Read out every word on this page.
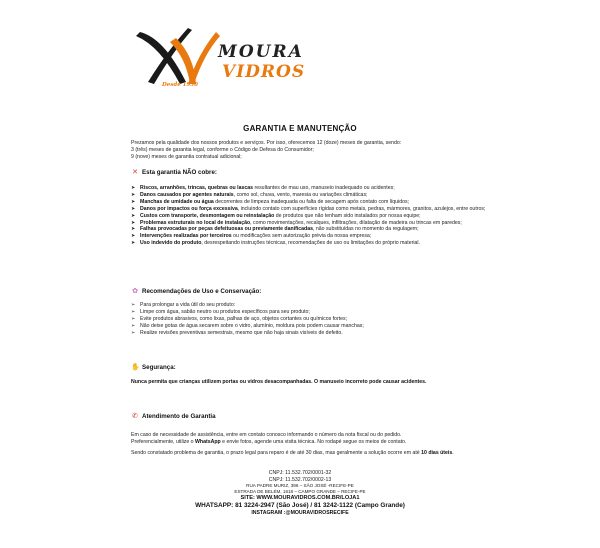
MOURA
VIDROS
Desde 1950
GARANTIA E MANUTENÇÃO

Prezamos pela qualidade dos nossos produtos e serviços. Por isso, oferecemos 12 (doze) meses de garantia, sendo:

3 (três) meses de garantia legal, conforme o Código de Defesa do Consumidor;

9 (nove) meses de garantia contratual adicional;

✕ Esta garantia NÃO cobre:
➤ Riscos, arranhões, trincas, quebras ou lascas resultantes de mau uso, manuseio inadequado ou acidentes;
➤ Danos causados por agentes naturais, como sol, chuva, vento, maresia ou variações climáticas;
➤ Manchas de umidade ou água decorrentes de limpeza inadequada ou falta de secagem após contato com líquidos;
➤ Danos por impactos ou força excessiva, incluindo contato com superfícies rígidas como metais, pedras, mármores, granitos, azulejos, entre outros;
➤ Custos com transporte, desmontagem ou reinstalação de produtos que não tenham sido instalados por nossa equipe;
➤ Problemas estruturais no local de instalação, como movimentações, recalques, infiltrações, dilatação de madeira ou trincas em paredes;
➤ Falhas provocadas por peças defeituosas ou previamente danificadas, não substituídas no momento da regulagem;
➤ Intervenções realizadas por terceiros ou modificações sem autorização prévia da nossa empresa;
➤ Uso indevido do produto, desrespeitando instruções técnicas, recomendações de uso ou limitações do próprio material.
✿ Recomendações de Uso e Conservação:
➢ Para prolongar a vida útil do seu produto:
➢ Limpe com água, sabão neutro ou produtos específicos para seu produto;
➢ Evite produtos abrasivos, como lixas, palhas de aço, objetos cortantes ou químicos fortes;
➢ Não deixe gotas de água secarem sobre o vidro, alumínio, moldura pois podem causar manchas;
➢ Realize revisões preventivas semestrais, mesmo que não haja sinais visíveis de defeito.
✋ Segurança:
Nunca permita que crianças utilizem portas ou vidros desacompanhadas. O manuseio incorreto pode causar acidentes.
✆ Atendimento de Garantia

Em caso de necessidade de assistência, entre em contato conosco informando o número da nota fiscal ou do pedido.
Preferencialmente, utilize o WhatsApp e envie fotos, agende uma visita técnica. No rodapé segue os meios de contato.

Sendo constatado problema de garantia, o prazo legal para reparo é de até 30 dias, mas geralmente a solução ocorre em até 10 dias úteis.

CNPJ: 11.532.702/0001-32
CNPJ: 11.532.702/0002-13
RUA PADRE MURIZ, 396 – SÃO JOSÉ -RECIFE-PE
ESTRADA DE BELÉM, 1618 – CAMPO GRANDE – RECIFE-PE
SITE: WWW.MOURAVIDROS.COM.BR/LOJA1
WHATSAPP: 81 3224-2947 (São José) / 81 3242-1122 (Campo Grande)
INSTAGRAM :@MOURAVIDROSRECIFE
